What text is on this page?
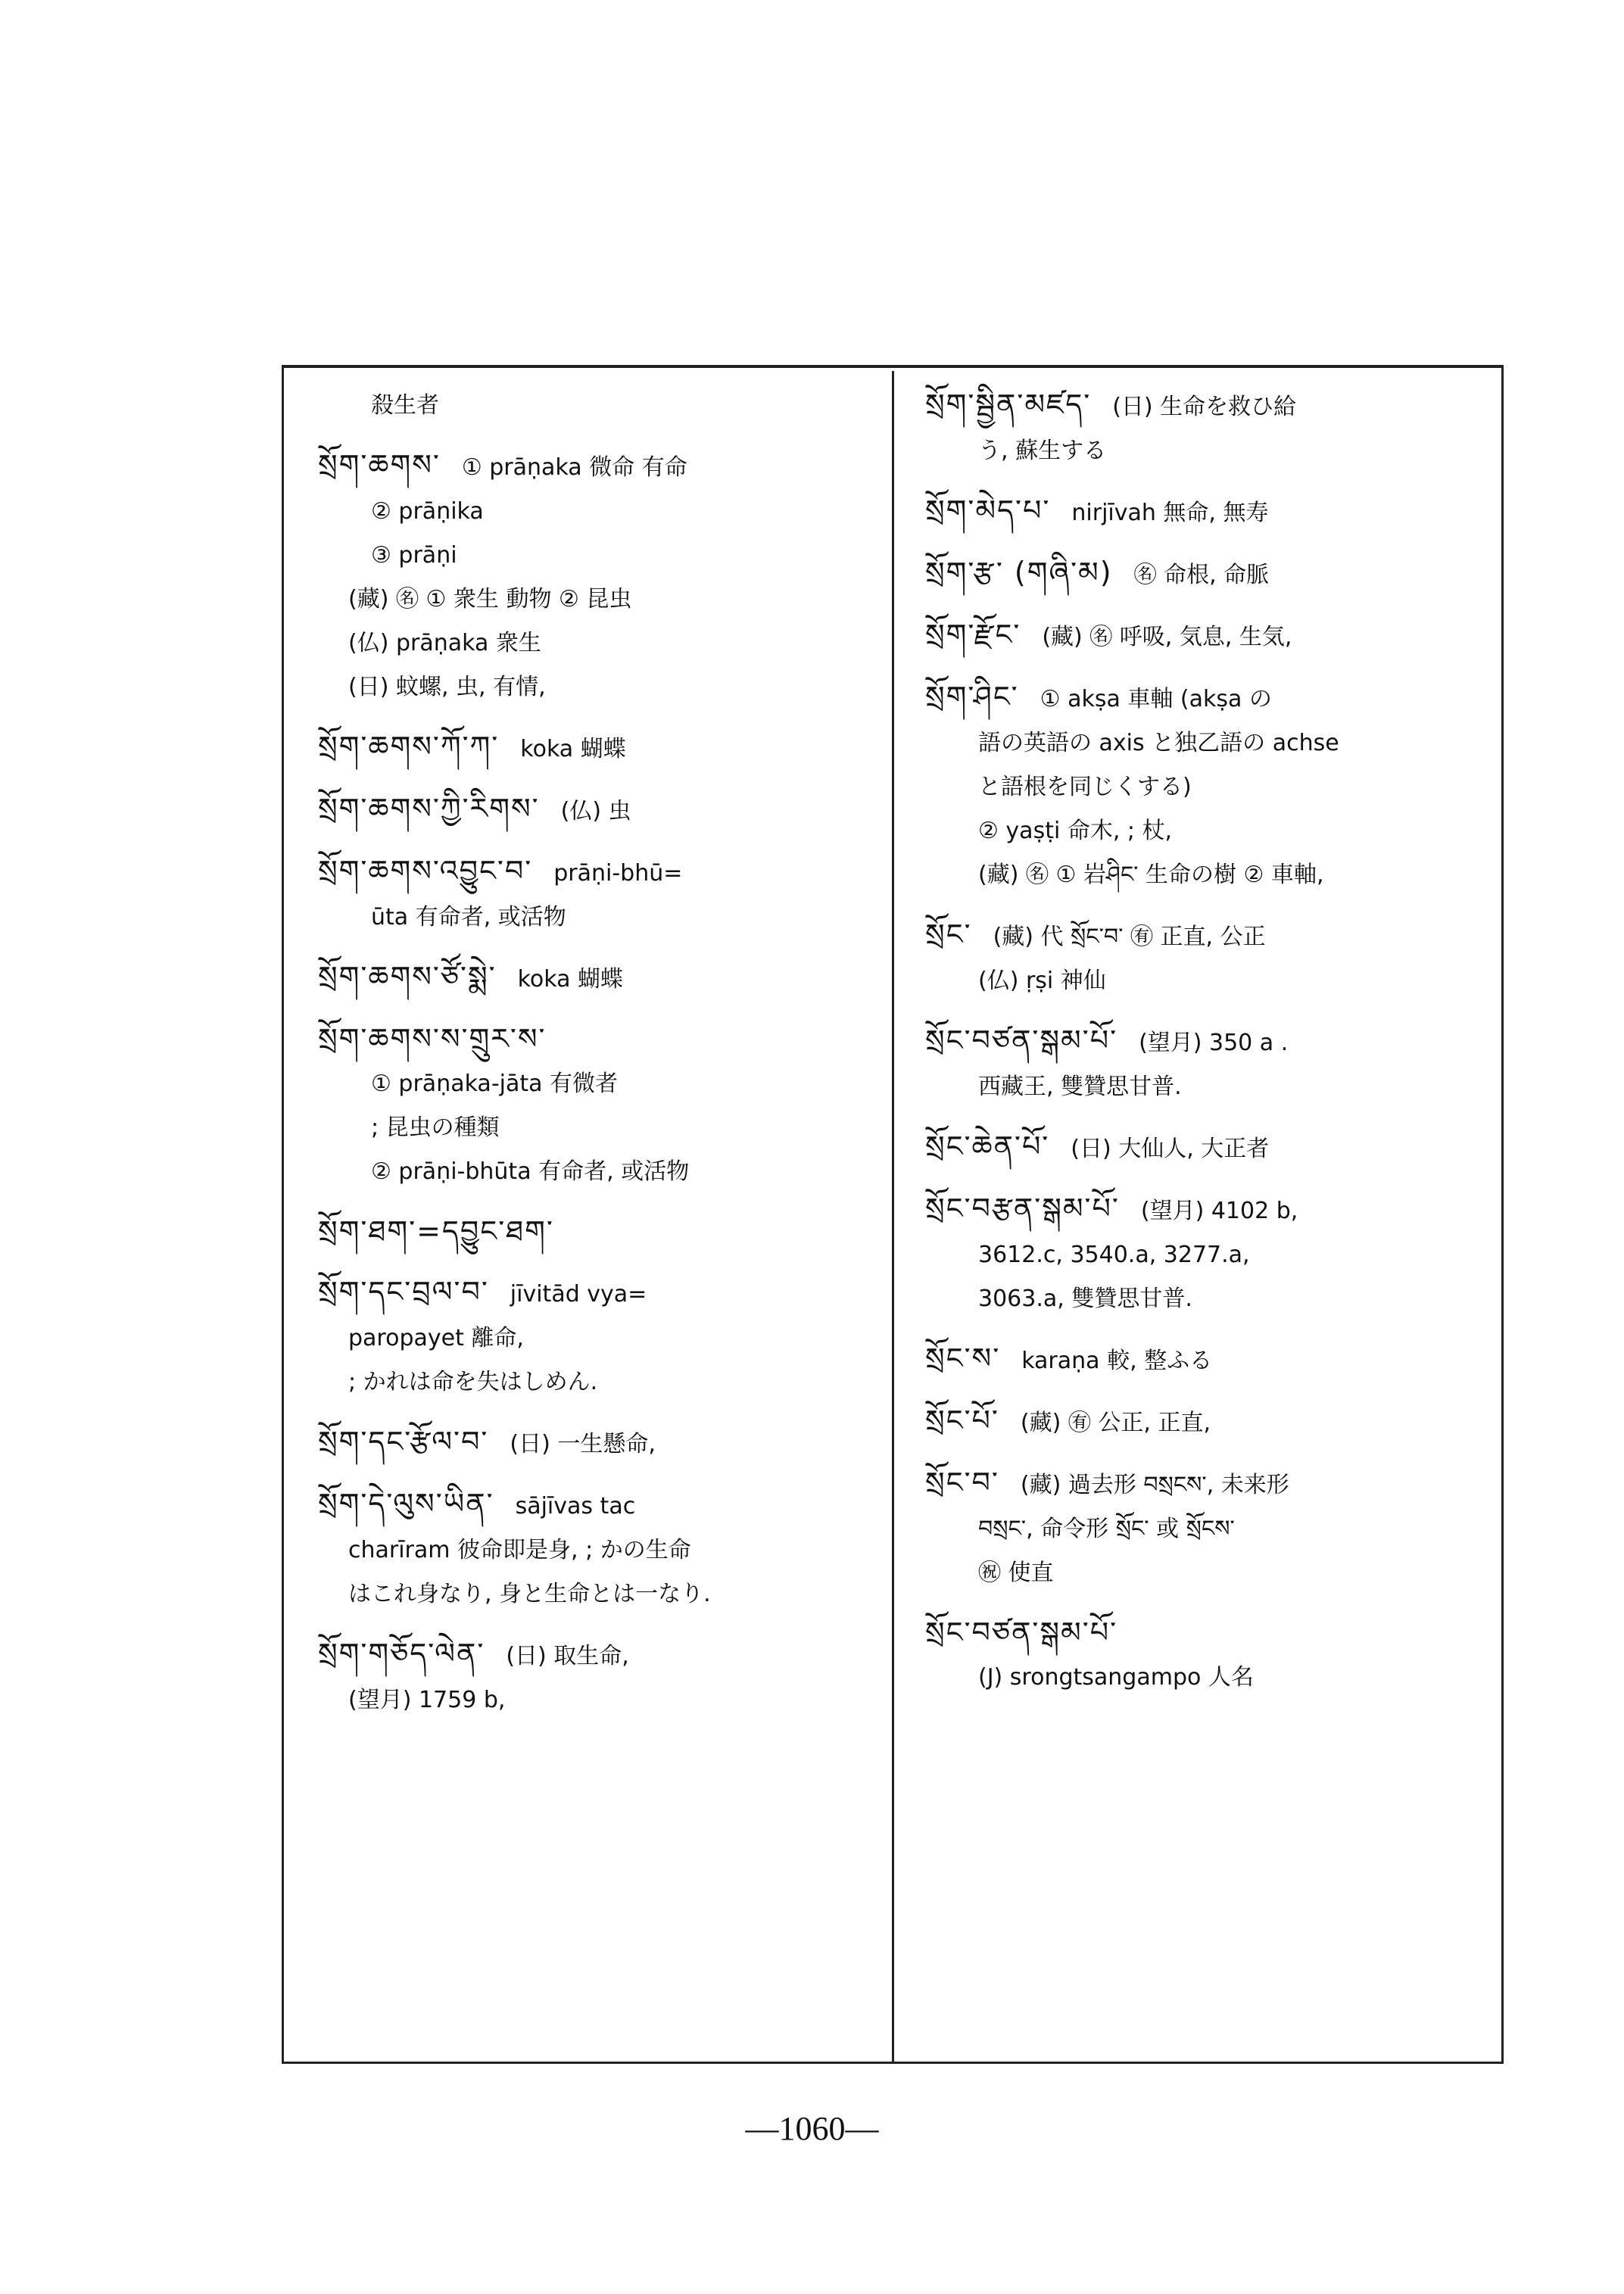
殺生者
སྲོག་ཆགས་ ① prāṇaka 微命 有命
② prāṇika
③ prāṇi
(藏) ㊔ ① 衆生 動物 ② 昆虫
(仏) prāṇaka 衆生
(日) 蚊螺, 虫, 有情,
སྲོག་ཆགས་ཀོ་ཀ་ koka 蝴蝶
སྲོག་ཆགས་ཀྱི་རིགས་ (仏) 虫
སྲོག་ཆགས་འབྱུང་བ་ prāṇi-bhū=
ūta 有命者, 或活物
སྲོག་ཆགས་ཙོ་སྨེ་ koka 蝴蝶
སྲོག་ཆགས་ས་གྲུར་ས་
① prāṇaka-jāta 有微者
; 昆虫の種類
② prāṇi-bhūta 有命者, 或活物
སྲོག་ཐག་=དབྱུང་ཐག་
སྲོག་དང་བྲལ་བ་ jīvitād vya=
paropayet 離命,
; かれは命を失はしめん.
སྲོག་དང་རྩོལ་བ་ (日) 一生懸命,
སྲོག་དེ་ལུས་ཡིན་ sājīvas tac
charīram 彼命即是身, ; かの生命
はこれ身なり, 身と生命とは一なり.
སྲོག་གཅོད་ལེན་ (日) 取生命,
(望月) 1759 b,
སྲོག་སྦྱིན་མཛད་ (日) 生命を救ひ給
う, 蘇生する
སྲོག་མེད་པ་ nirjīvah 無命, 無寿
སྲོག་རྩ་ (གཞི་མ) ㊔ 命根, 命脈
སྲོག་རྫོང་ (藏) ㊔ 呼吸, 気息, 生気,
སྲོག་ཤིང་ ① akṣa 車軸 (akṣa の
語の英語の axis と独乙語の achse
と語根を同じくする)
② yaṣṭi 命木, ; 杖,
(藏) ㊔ ① 岩ཤིང་ 生命の樹 ② 車軸,
སྲོང་ (藏) 代 སྲོང་བ་ ㊒ 正直, 公正
(仏) ṛṣi 神仙
སྲོང་བཙན་སྒམ་པོ་ (望月) 350 a .
西藏王, 雙贊思甘普.
སྲོང་ཆེན་པོ་ (日) 大仙人, 大正者
སྲོང་བརྩན་སྒམ་པོ་ (望月) 4102 b,
3612.c, 3540.a, 3277.a,
3063.a, 雙贊思甘普.
སྲོང་ས་ karaṇa 較, 整ふる
སྲོང་པོ་ (藏) ㊒ 公正, 正直,
སྲོང་བ་ (藏) 過去形 བསྲངས་, 未来形
བསྲང་, 命令形 སྲོང་ 或 སྲོངས་
㊗ 使直
སྲོང་བཙན་སྒམ་པོ་
(J) srongtsangampo 人名
—1060—
